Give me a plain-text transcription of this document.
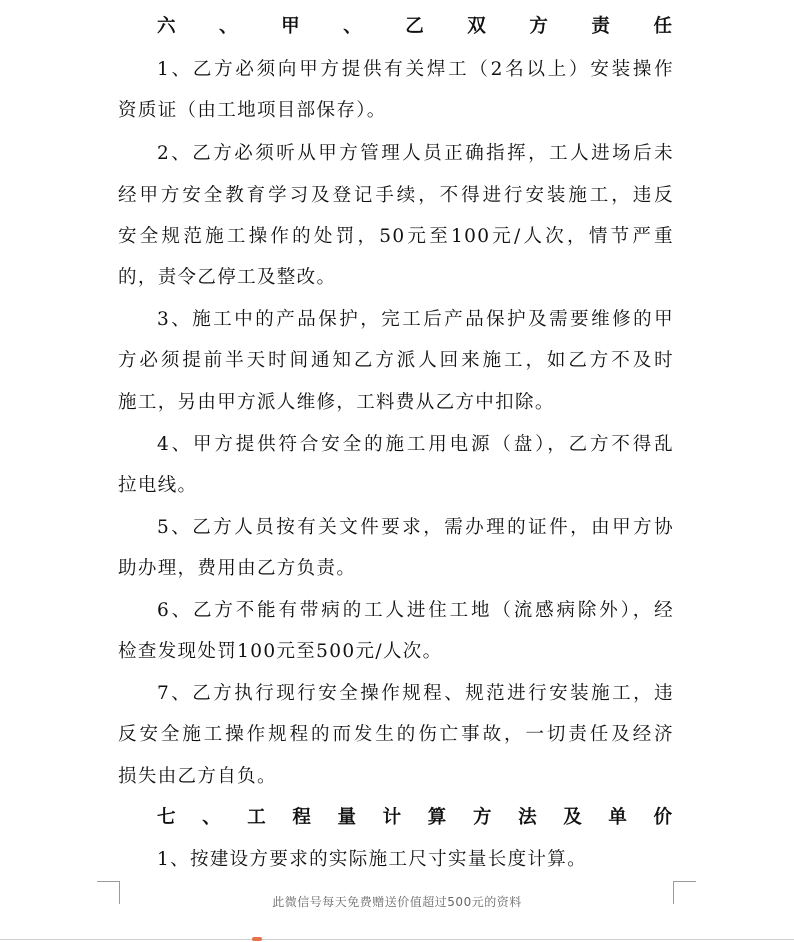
六、甲、乙双方责任
1、乙方必须向甲方提供有关焊工（2名以上）安装操作
资质证（由工地项目部保存）。
2、乙方必须听从甲方管理人员正确指挥，工人进场后未
经甲方安全教育学习及登记手续，不得进行安装施工，违反
安全规范施工操作的处罚，50元至100元/人次，情节严重
的，责令乙停工及整改。
3、施工中的产品保护，完工后产品保护及需要维修的甲
方必须提前半天时间通知乙方派人回来施工，如乙方不及时
施工，另由甲方派人维修，工料费从乙方中扣除。
4、甲方提供符合安全的施工用电源（盘），乙方不得乱
拉电线。
5、乙方人员按有关文件要求，需办理的证件，由甲方协
助办理，费用由乙方负责。
6、乙方不能有带病的工人进住工地（流感病除外），经
检查发现处罚100元至500元/人次。
7、乙方执行现行安全操作规程、规范进行安装施工，违
反安全施工操作规程的而发生的伤亡事故，一切责任及经济
损失由乙方自负。
七、工程量计算方法及单价
1、按建设方要求的实际施工尺寸实量长度计算。
此微信号每天免费赠送价值超过500元的资料
